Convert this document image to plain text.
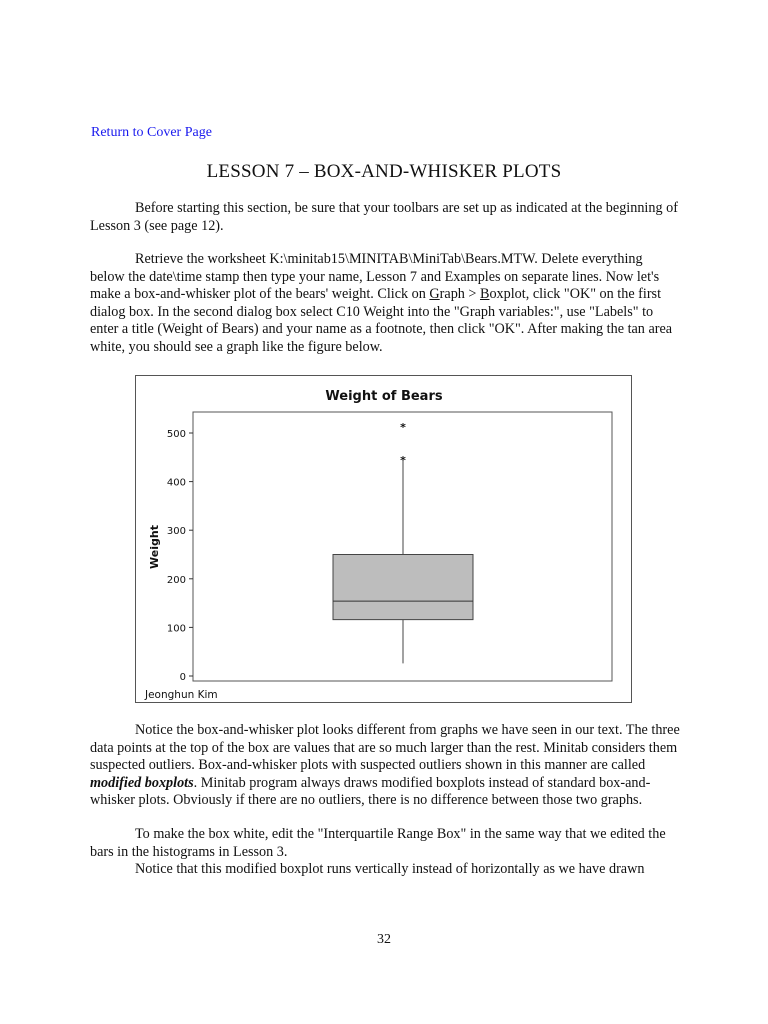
Return to Cover Page
LESSON 7 – BOX-AND-WHISKER PLOTS

Before starting this section, be sure that your toolbars are set up as indicated at the beginning of Lesson 3 (see page 12).

Retrieve the worksheet K:\minitab15\MINITAB\MiniTab\Bears.MTW. Delete everything below the date\time stamp then type your name, Lesson 7 and Examples on separate lines. Now let's make a box-and-whisker plot of the bears' weight. Click on Graph > Boxplot, click "OK" on the first dialog box. In the second dialog box select C10 Weight into the "Graph variables:", use "Labels" to enter a title (Weight of Bears) and your name as a footnote, then click "OK". After making the tan area white, you should see a graph like the figure below.

Weight of Bears
0
100
200
300
400
500
Weight
*
*
Jeonghun Kim

Notice the box-and-whisker plot looks different from graphs we have seen in our text. The three data points at the top of the box are values that are so much larger than the rest. Minitab considers them suspected outliers. Box-and-whisker plots with suspected outliers shown in this manner are called modified boxplots. Minitab program always draws modified boxplots instead of standard box-and-whisker plots. Obviously if there are no outliers, there is no difference between those two graphs.

To make the box white, edit the "Interquartile Range Box" in the same way that we edited the bars in the histograms in Lesson 3.

Notice that this modified boxplot runs vertically instead of horizontally as we have drawn

32
